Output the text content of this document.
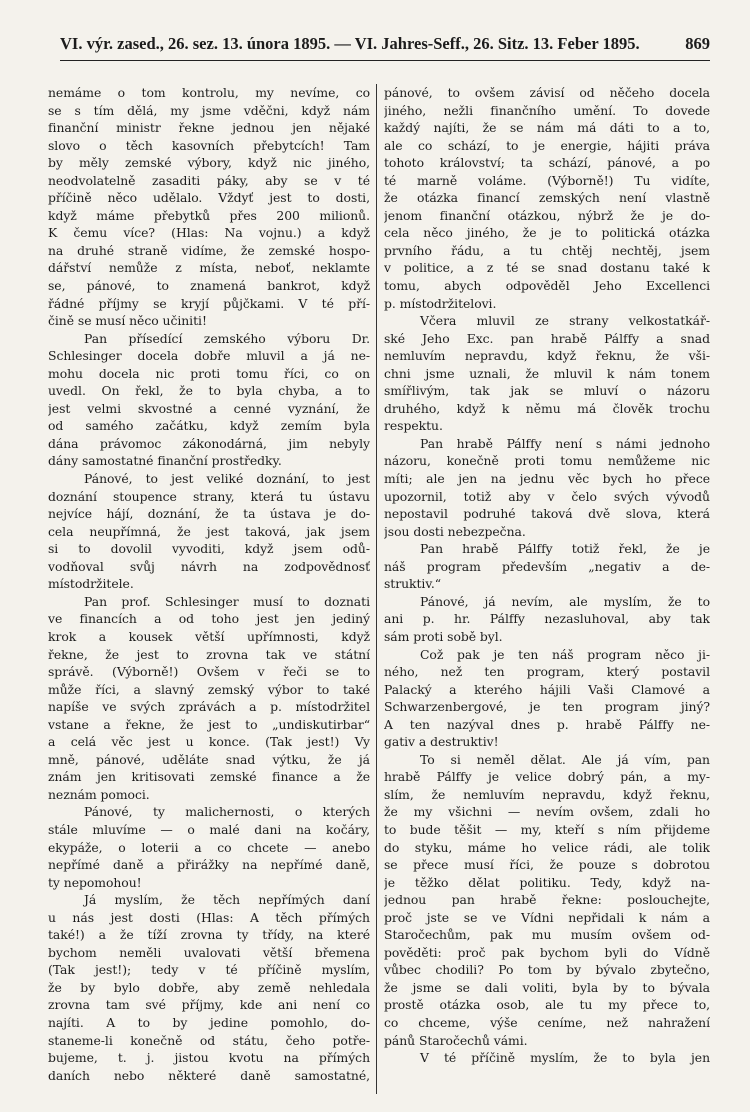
VI. výr. zased., 26. sez. 13. února 1895. — VI. Jahres-Seff., 26. Sitz. 13. Feber 1895.	869
nemáme o tom kontrolu, my nevíme, co
se s tím dělá, my jsme vděčni, když nám
finanční ministr řekne jednou jen nějaké
slovo o těch kasovních přebytcích! Tam
by měly zemské výbory, když nic jiného,
neodvolatelně zasaditi páky, aby se v té
příčině něco udělalo. Vždyť jest to dosti,
když máme přebytků přes 200 milionů.
K čemu více? (Hlas: Na vojnu.) a když
na druhé straně vidíme, že zemské hospo-
dářství nemůže z místa, neboť, neklamte
se, pánové, to znamená bankrot, když
řádné příjmy se kryjí půjčkami. V té pří-
čině se musí něco učiniti!
Pan přísedící zemského výboru Dr.
Schlesinger docela dobře mluvil a já ne-
mohu docela nic proti tomu říci, co on
uvedl. On řekl, že to byla chyba, a to
jest velmi skvostné a cenné vyznání, že
od samého začátku, když zemím byla
dána právomoc zákonodárná, jim nebyly
dány samostatné finanční prostředky.
Pánové, to jest veliké doznání, to jest
doznání stoupence strany, která tu ústavu
nejvíce hájí, doznání, že ta ústava je do-
cela neupřímná, že jest taková, jak jsem
si to dovolil vyvoditi, když jsem odů-
vodňoval svůj návrh na zodpovědnosť
místodržitele.
Pan prof. Schlesinger musí to doznati
ve financích a od toho jest jen jediný
krok a kousek větší upřímnosti, když
řekne, že jest to zrovna tak ve státní
správě. (Výborně!) Ovšem v řeči se to
může říci, a slavný zemský výbor to také
napíše ve svých zprávách a p. místodržitel
vstane a řekne, že jest to „undiskutirbar“
a celá věc jest u konce. (Tak jest!) Vy
mně, pánové, uděláte snad výtku, že já
znám jen kritisovati zemské finance a že
neznám pomoci.
Pánové, ty malichernosti, o kterých
stále mluvíme — o malé dani na kočáry,
ekypáže, o loterii a co chcete — anebo
nepřímé daně a přirážky na nepřímé daně,
ty nepomohou!
Já myslím, že těch nepřímých daní
u nás jest dosti (Hlas: A těch přímých
také!) a že tíží zrovna ty třídy, na které
bychom neměli uvalovati větší břemena
(Tak jest!); tedy v té příčině myslím,
že by bylo dobře, aby země nehledala
zrovna tam své příjmy, kde ani není co
najíti. A to by jedine pomohlo, do-
staneme-li konečně od státu, čeho potře-
bujeme, t. j. jistou kvotu na přímých
daních nebo některé daně samostatné,
pánové, to ovšem závisí od něčeho docela
jiného, nežli finančního umění. To dovede
každý najíti, že se nám má dáti to a to,
ale co schází, to je energie, hájiti práva
tohoto království; ta schází, pánové, a po
té marně voláme. (Výborně!) Tu vidíte,
že otázka financí zemských není vlastně
jenom finanční otázkou, nýbrž že je do-
cela něco jiného, že je to politická otázka
prvního řádu, a tu chtěj nechtěj, jsem
v politice, a z té se snad dostanu také k
tomu, abych odpověděl Jeho Excellenci
p. místodržitelovi.
Včera mluvil ze strany velkostatkář-
ské Jeho Exc. pan hrabě Pálffy a snad
nemluvím nepravdu, když řeknu, že vši-
chni jsme uznali, že mluvil k nám tonem
smířlivým, tak jak se mluví o názoru
druhého, když k němu má člověk trochu
respektu.
Pan hrabě Pálffy není s námi jednoho
názoru, konečně proti tomu nemůžeme nic
míti; ale jen na jednu věc bych ho přece
upozornil, totiž aby v čelo svých vývodů
nepostavil podruhé taková dvě slova, která
jsou dosti nebezpečna.
Pan hrabě Pálffy totiž řekl, že je
náš program především „negativ a de-
struktiv.“
Pánové, já nevím, ale myslím, že to
ani p. hr. Pálffy nezasluhoval, aby tak
sám proti sobě byl.
Což pak je ten náš program něco ji-
ného, než ten program, který postavil
Palacký a kterého hájili Vaši Clamové a
Schwarzenbergové, je ten program jiný?
A ten nazýval dnes p. hrabě Pálffy ne-
gativ a destruktiv!
To si neměl dělat. Ale já vím, pan
hrabě Pálffy je velice dobrý pán, a my-
slím, že nemluvím nepravdu, když řeknu,
že my všichni — nevím ovšem, zdali ho
to bude těšit — my, kteří s ním přijdeme
do styku, máme ho velice rádi, ale tolik
se přece musí říci, že pouze s dobrotou
je těžko dělat politiku. Tedy, když na-
jednou pan hrabě řekne: poslouchejte,
proč jste se ve Vídni nepřidali k nám a
Staročechům, pak mu musím ovšem od-
pověděti: proč pak bychom byli do Vídně
vůbec chodili? Po tom by bývalo zbytečno,
že jsme se dali voliti, byla by to bývala
prostě otázka osob, ale tu my přece to,
co chceme, výše ceníme, než nahražení
pánů Staročechů vámi.
V té příčině myslím, že to byla jen
